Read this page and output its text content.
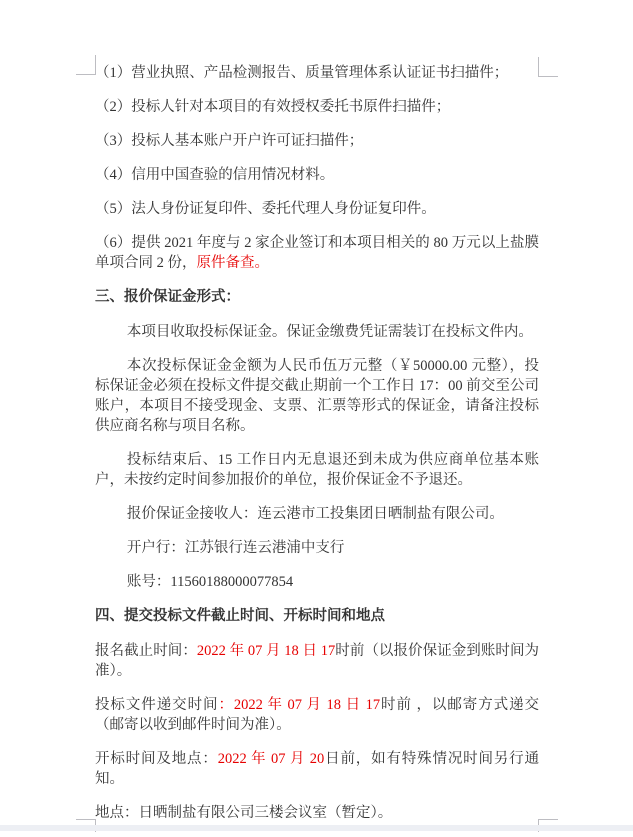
（1）营业执照、产品检测报告、质量管理体系认证证书扫描件；

（2）投标人针对本项目的有效授权委托书原件扫描件；

（3）投标人基本账户开户许可证扫描件；

（4）信用中国查验的信用情况材料。

（5）法人身份证复印件、委托代理人身份证复印件。

（6）提供 2021 年度与 2 家企业签订和本项目相关的 80 万元以上盐膜单项合同 2 份，原件备查。

三、报价保证金形式：

本项目收取投标保证金。保证金缴费凭证需装订在投标文件内。

本次投标保证金金额为人民币伍万元整（￥50000.00 元整），投标保证金必须在投标文件提交截止期前一个工作日 17：00 前交至公司账户，本项目不接受现金、支票、汇票等形式的保证金，请备注投标供应商名称与项目名称。

投标结束后、15 工作日内无息退还到未成为供应商单位基本账户，未按约定时间参加报价的单位，报价保证金不予退还。

报价保证金接收人：连云港市工投集团日晒制盐有限公司。

开户行：江苏银行连云港浦中支行

账号：11560188000077854

四、提交投标文件截止时间、开标时间和地点

报名截止时间：2022 年 07 月 18 日 17时前（以报价保证金到账时间为准）。

投标文件递交时间：2022 年 07 月 18 日 17时前 ，以邮寄方式递交（邮寄以收到邮件时间为准）。

开标时间及地点：2022 年 07 月 20日前，如有特殊情况时间另行通知。

地点：日晒制盐有限公司三楼会议室（暂定）。
